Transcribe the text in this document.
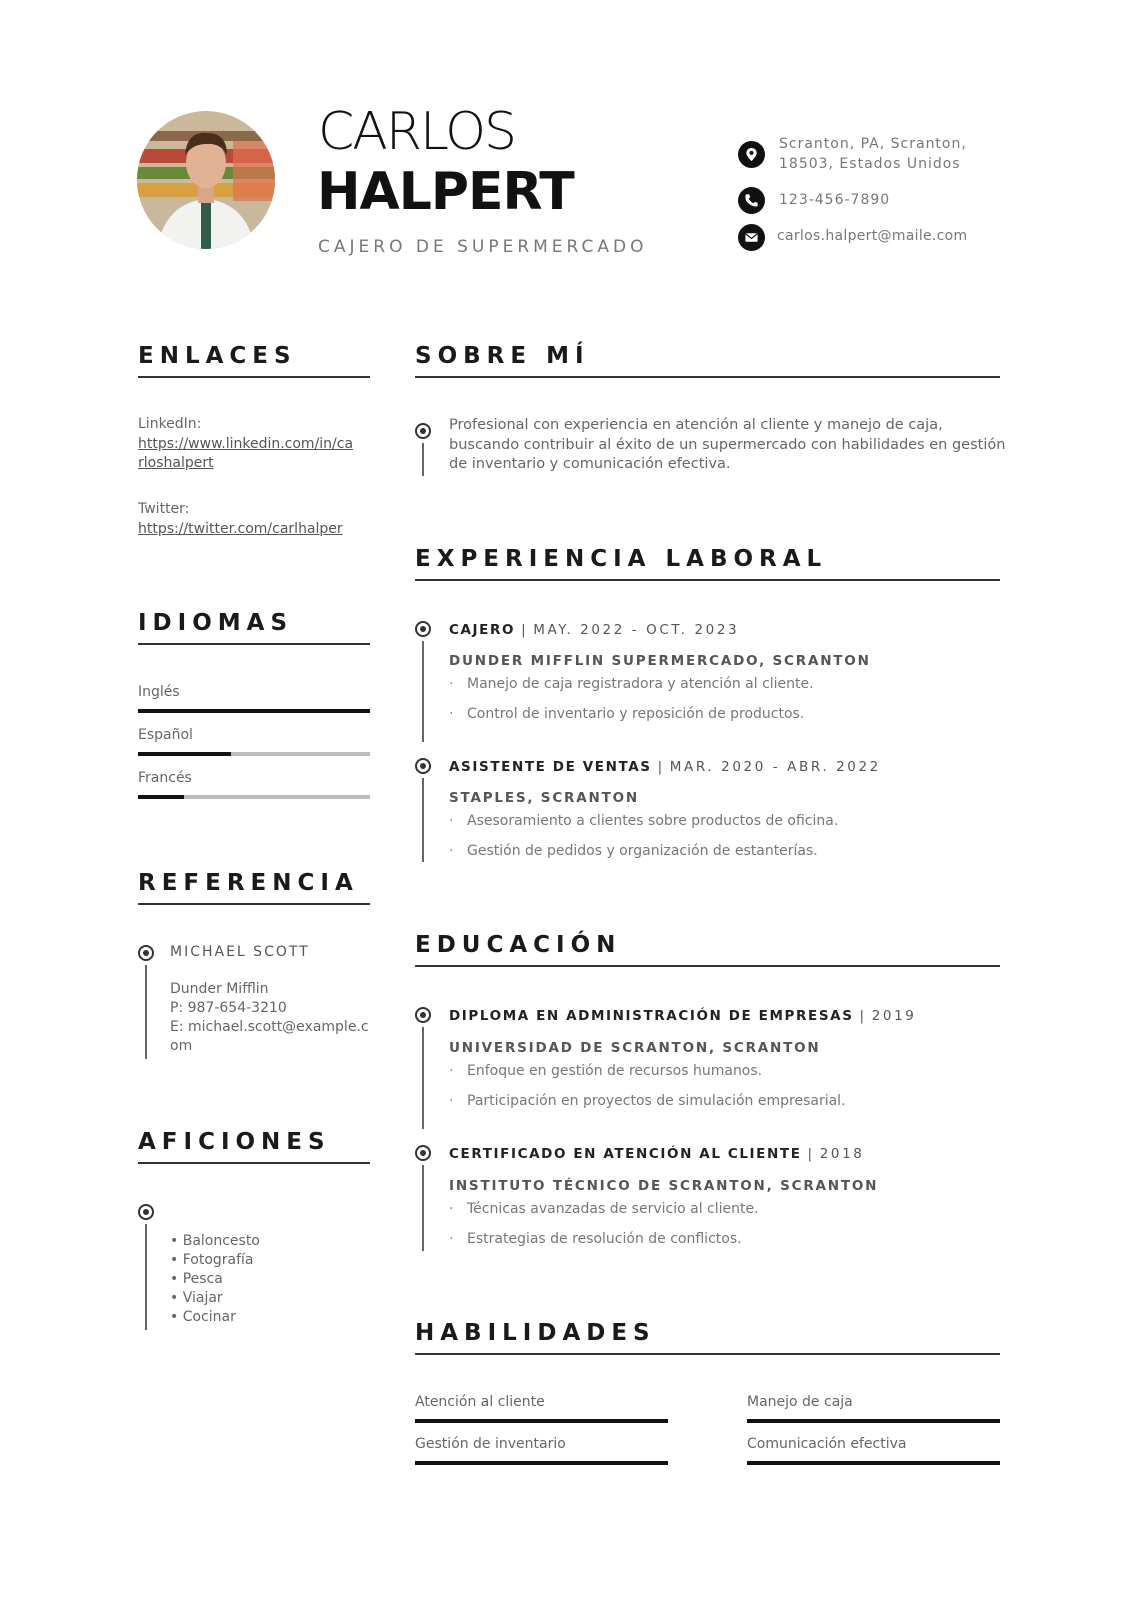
CARLOS
HALPERT
CAJERO DE SUPERMERCADO
Scranton, PA, Scranton,
18503, Estados Unidos
123-456-7890
carlos.halpert@maile.com
ENLACES
LinkedIn:
https://www.linkedin.com/in/ca
rloshalpert
Twitter:
https://twitter.com/carlhalper
IDIOMAS
Inglés
Español
Francés
REFERENCIA
MICHAEL SCOTT
Dunder Mifflin
P: 987-654-3210
E: michael.scott@example.c
om
AFICIONES
• Baloncesto
• Fotografía
• Pesca
• Viajar
• Cocinar
SOBRE MÍ
Profesional con experiencia en atención al cliente y manejo de caja,
buscando contribuir al éxito de un supermercado con habilidades en gestión
de inventario y comunicación efectiva.
EXPERIENCIA LABORAL
CAJERO | MAY. 2022 - OCT. 2023
DUNDER MIFFLIN SUPERMERCADO, SCRANTON
· Manejo de caja registradora y atención al cliente.
· Control de inventario y reposición de productos.
ASISTENTE DE VENTAS | MAR. 2020 - ABR. 2022
STAPLES, SCRANTON
· Asesoramiento a clientes sobre productos de oficina.
· Gestión de pedidos y organización de estanterías.
EDUCACIÓN
DIPLOMA EN ADMINISTRACIÓN DE EMPRESAS | 2019
UNIVERSIDAD DE SCRANTON, SCRANTON
· Enfoque en gestión de recursos humanos.
· Participación en proyectos de simulación empresarial.
CERTIFICADO EN ATENCIÓN AL CLIENTE | 2018
INSTITUTO TÉCNICO DE SCRANTON, SCRANTON
· Técnicas avanzadas de servicio al cliente.
· Estrategias de resolución de conflictos.
HABILIDADES
Atención al cliente	Manejo de caja
Gestión de inventario	Comunicación efectiva
